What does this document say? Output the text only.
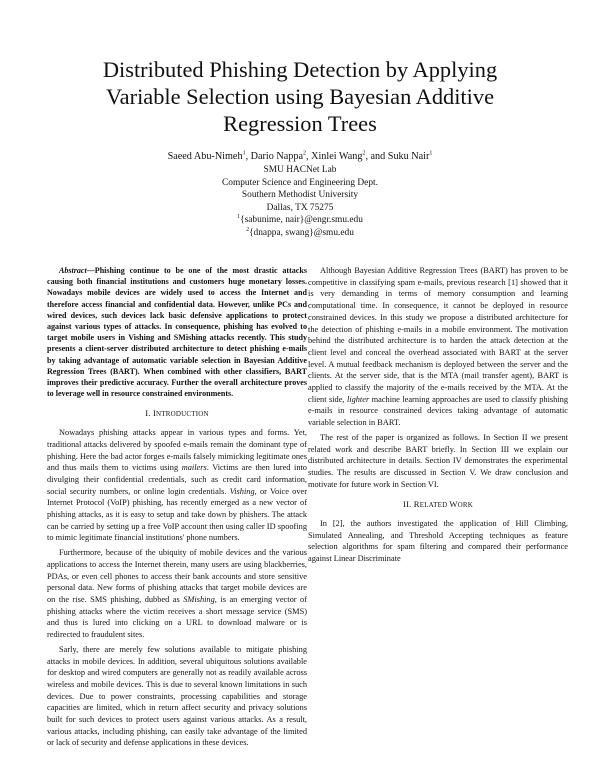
Distributed Phishing Detection by Applying
Variable Selection using Bayesian Additive
Regression Trees
Saeed Abu-Nimeh$^1$, Dario Nappa$^2$, Xinlei Wang$^2$, and Suku Nair$^1$
SMU HACNet Lab
Computer Science and Engineering Dept.
Southern Methodist University
Dallas, TX 75275
$^1${sabunime, nair}@engr.smu.edu
$^2${dnappa, swang}@smu.edu

Abstract—Phishing continue to be one of the most drastic attacks causing both financial institutions and customers huge monetary losses. Nowadays mobile devices are widely used to access the Internet and therefore access financial and confidential data. However, unlike PCs and wired devices, such devices lack basic defensive applications to protect against various types of attacks. In consequence, phishing has evolved to target mobile users in Vishing and SMishing attacks recently. This study presents a client-server distributed architecture to detect phishing e-mails by taking advantage of automatic variable selection in Bayesian Additive Regression Trees (BART). When combined with other classifiers, BART improves their predictive accuracy. Further the overall architecture proves to leverage well in resource constrained environments.

I. INTRODUCTION

Nowadays phishing attacks appear in various types and forms. Yet, traditional attacks delivered by spoofed e-mails remain the dominant type of phishing. Here the bad actor forges e-mails falsely mimicking legitimate ones and thus mails them to victims using mailers. Victims are then lured into divulging their confidential credentials, such as credit card information, social security numbers, or online login credentials. Vishing, or Voice over Internet Protocol (VoIP) phishing, has recently emerged as a new vector of phishing attacks, as it is easy to setup and take down by phishers. The attack can be carried by setting up a free VoIP account then using caller ID spoofing to mimic legitimate financial institutions' phone numbers.

Furthermore, because of the ubiquity of mobile devices and the various applications to access the Internet therein, many users are using blackberries, PDAs, or even cell phones to access their bank accounts and store sensitive personal data. New forms of phishing attacks that target mobile devices are on the rise. SMS phishing, dubbed as SMishing, is an emerging vector of phishing attacks where the victim receives a short message service (SMS) and thus is lured into clicking on a URL to download malware or is redirected to fraudulent sites.

Sarly, there are merely few solutions available to mitigate phishing attacks in mobile devices. In addition, several ubiquitous solutions available for desktop and wired computers are generally not as readily available across wireless and mobile devices. This is due to several known limitations in such devices. Due to power constraints, processing capabilities and storage capacities are limited, which in return affect security and privacy solutions built for such devices to protect users against various attacks. As a result, various attacks, including phishing, can easily take advantage of the limited or lack of security and defense applications in these devices.

Although Bayesian Additive Regression Trees (BART) has proven to be competitive in classifying spam e-mails, previous research [1] showed that it is very demanding in terms of memory consumption and learning computational time. In consequence, it cannot be deployed in resource constrained devices. In this study we propose a distributed architecture for the detection of phishing e-mails in a mobile environment. The motivation behind the distributed architecture is to harden the attack detection at the client level and conceal the overhead associated with BART at the server level. A mutual feedback mechanism is deployed between the server and the clients. At the server side, that is the MTA (mail transfer agent), BART is applied to classify the majority of the e-mails received by the MTA. At the client side, lighter machine learning approaches are used to classify phishing e-mails in resource constrained devices taking advantage of automatic variable selection in BART.

The rest of the paper is organized as follows. In Section II we present related work and describe BART briefly. In Section III we explain our distributed architecture in details. Section IV demonstrates the experimental studies. The results are discussed in Section V. We draw conclusion and motivate for future work in Section VI.

II. RELATED WORK

In [2], the authors investigated the application of Hill Climbing, Simulated Annealing, and Threshold Accepting techniques as feature selection algorithms for spam filtering and compared their performance against Linear Discriminate
